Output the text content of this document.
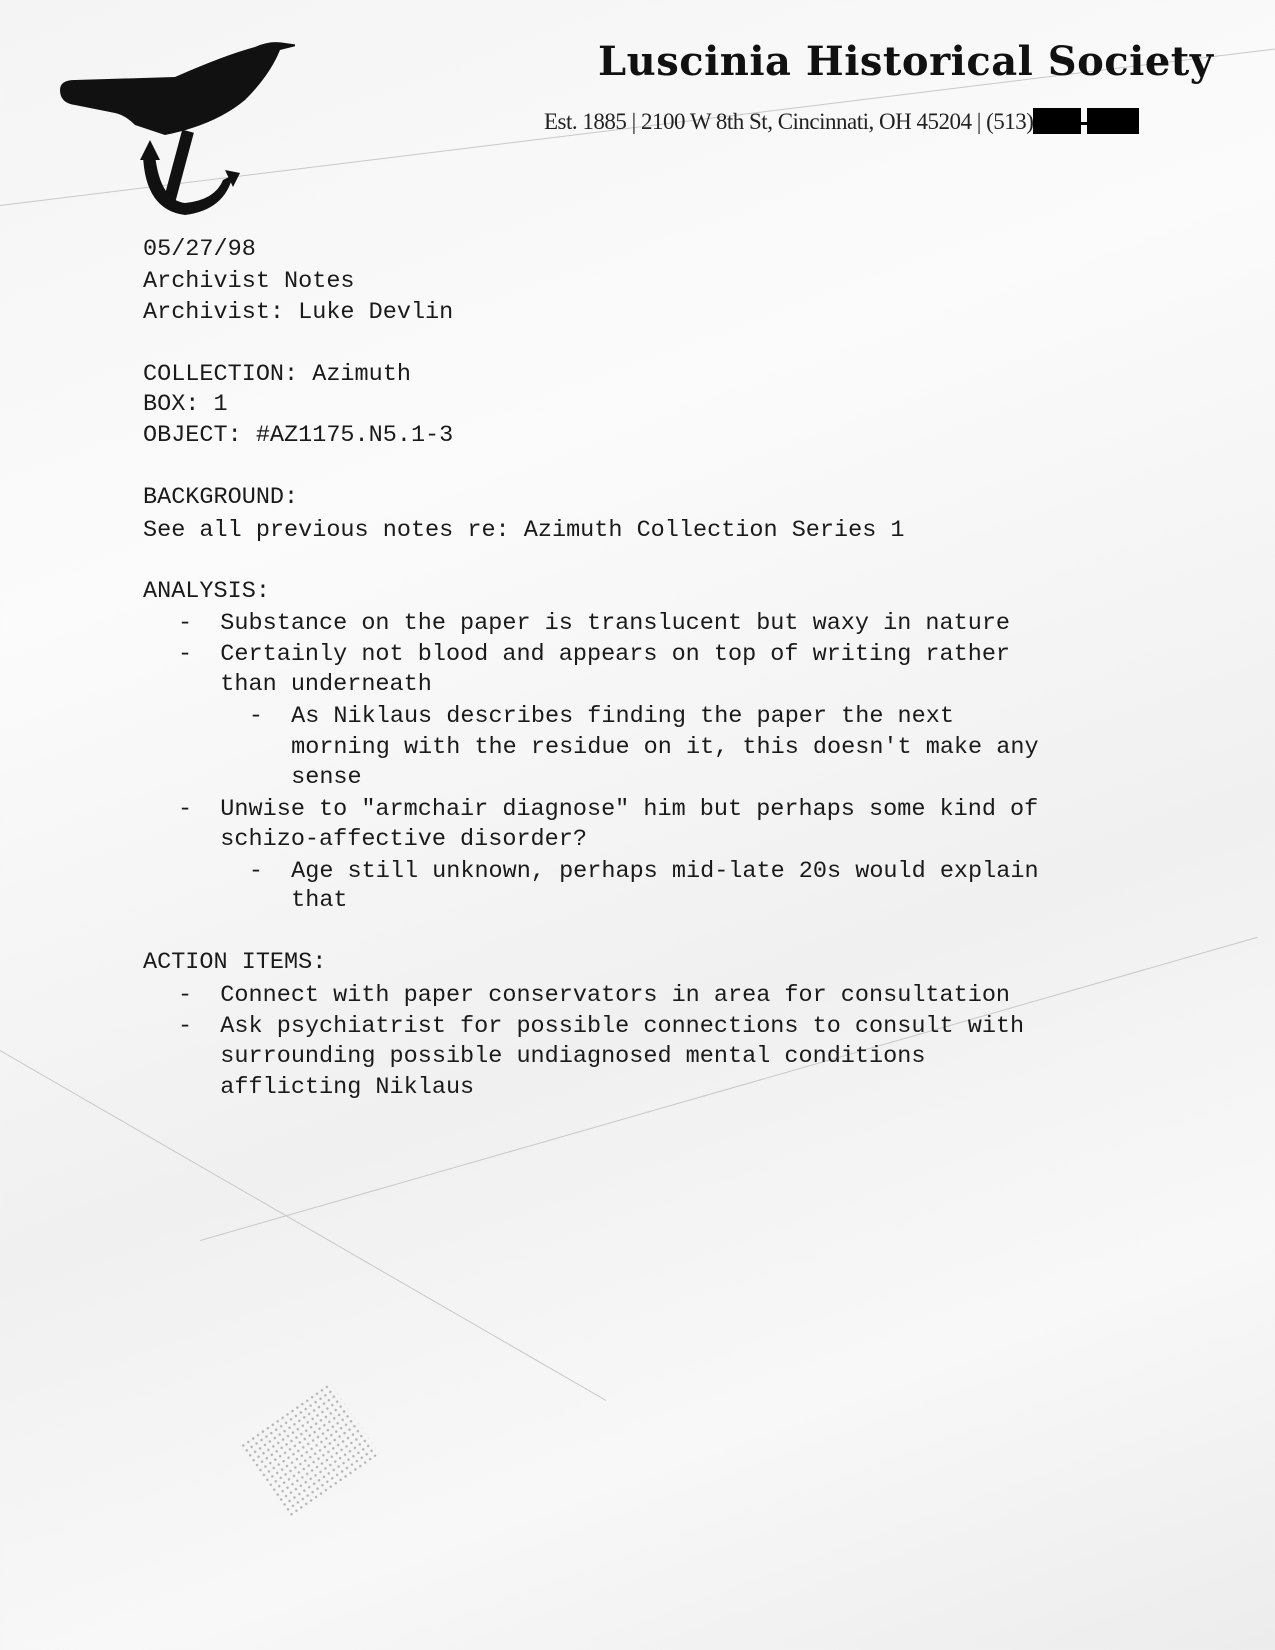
Luscinia Historical Society
Est. 1885 | 2100 W 8th St, Cincinnati, OH 45204 | (513)
05/27/98
Archivist Notes
Archivist: Luke Devlin
COLLECTION: Azimuth
BOX: 1
OBJECT: #AZ1175.N5.1-3
BACKGROUND:
See all previous notes re: Azimuth Collection Series 1
ANALYSIS:
-  Substance on the paper is translucent but waxy in nature
-  Certainly not blood and appears on top of writing rather
than underneath
-  As Niklaus describes finding the paper the next
morning with the residue on it, this doesn't make any
sense
-  Unwise to "armchair diagnose" him but perhaps some kind of
schizo-affective disorder?
-  Age still unknown, perhaps mid-late 20s would explain
that
ACTION ITEMS:
-  Connect with paper conservators in area for consultation
-  Ask psychiatrist for possible connections to consult with
surrounding possible undiagnosed mental conditions
afflicting Niklaus
